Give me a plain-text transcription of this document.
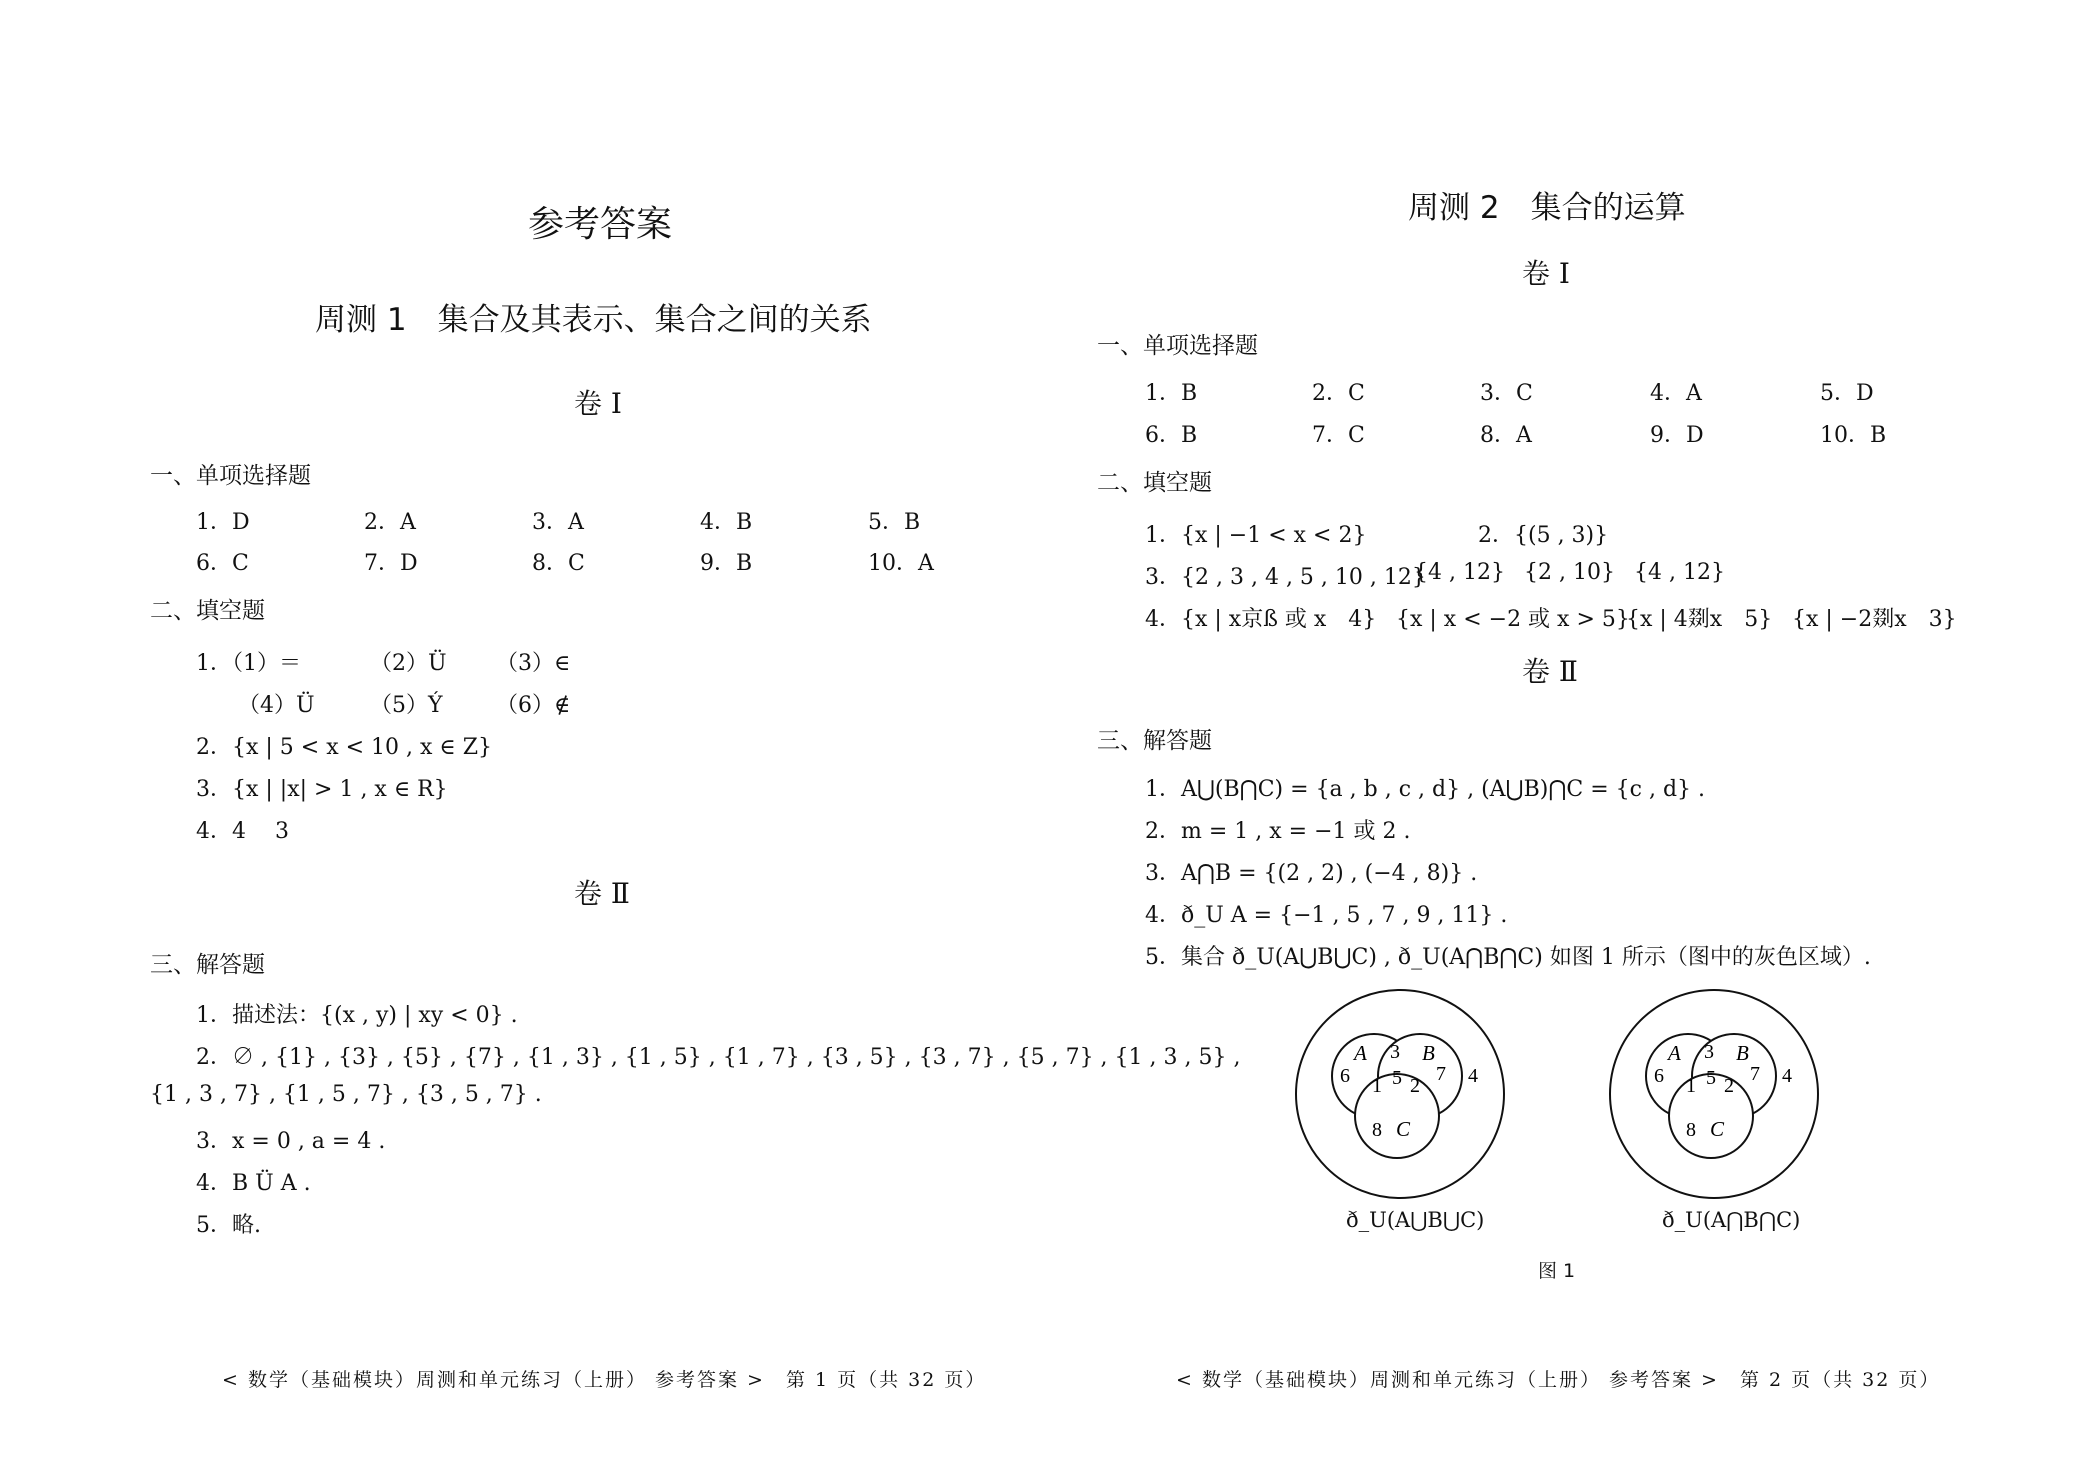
参考答案
周测 1　集合及其表示、集合之间的关系
卷 Ⅰ
一、单项选择题
1．D	2．A	3．A	4．B	5．B
6．C	7．D	8．C	9．B	10．A
二、填空题
1．（1）＝	（2）Ü （3）∈
（4）Ü	（5）Ý （6）∉
2．{x | 5 < x < 10 , x ∈ Z}
3．{x | |x| > 1 , x ∈ R}
4．4　 3
卷 Ⅱ
三、解答题
1．描述法：{(x , y) | xy < 0} .
2．∅ , {1} , {3} , {5} , {7} , {1 , 3} , {1 , 5} , {1 , 7} , {3 , 5} , {3 , 7} , {5 , 7} , {1 , 3 , 5} ,
{1 , 3 , 7} , {1 , 5 , 7} , {3 , 5 , 7} .
3．x = 0 , a = 4 .
4．B Ü A .
5．略.
< 数学（基础模块）周测和单元练习（上册） 参考答案 >　第 1 页（共 32 页）
周测 2　集合的运算
卷 Ⅰ
一、单项选择题
1．B	2．C	3．C	4．A	5．D
6．B	7．C	8．A	9．D	10．B
二、填空题
1．{x | −1 < x < 2}	2．{(5 , 3)}
3．{2 , 3 , 4 , 5 , 10 , 12}
{4 , 12} {2 , 10} {4 , 12}
4．{x | x京ß 或 x　4} {x | x < −2 或 x > 5}
{x | 4剟x　5} {x | −2剟x　3}
卷 Ⅱ
三、解答题
1．A⋃(B⋂C) = {a , b , c , d} , (A⋃B)⋂C = {c , d} .
2．m = 1 , x = −1 或 2 .
3．A⋂B = {(2 , 2) , (−4 , 8)} .
4．ð_U A = {−1 , 5 , 7 , 9 , 11} .
5．集合 ð_U(A⋃B⋃C) , ð_U(A⋂B⋂C) 如图 1 所示（图中的灰色区域）.
A	B
C
6
3
7
1 5 2
8
4
A	B
C
6
3
7
1 5 2
8
4
ð_U(A⋃B⋃C)	ð_U(A⋂B⋂C)
图 1
< 数学（基础模块）周测和单元练习（上册） 参考答案 >　第 2 页（共 32 页）
